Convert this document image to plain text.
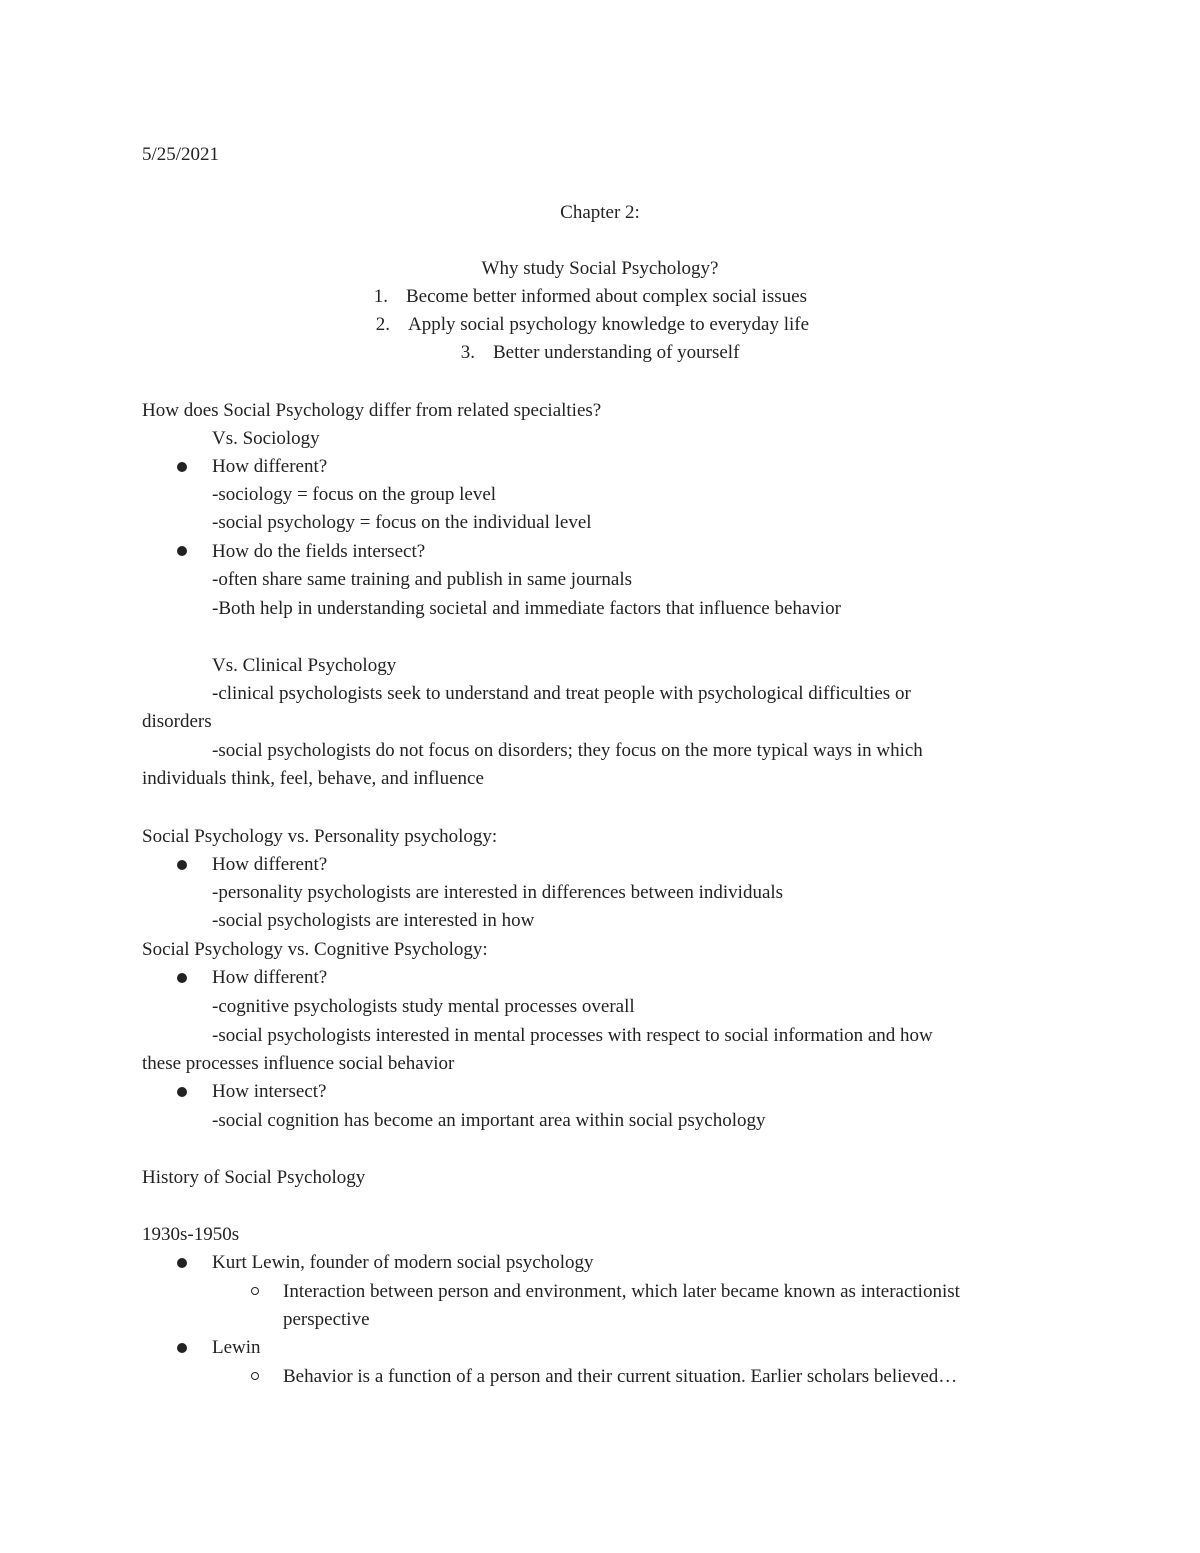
5/25/2021
Chapter 2:
Why study Social Psychology?
1. Become better informed about complex social issues
2. Apply social psychology knowledge to everyday life
3. Better understanding of yourself
How does Social Psychology differ from related specialties?
Vs. Sociology
How different?
-sociology = focus on the group level
-social psychology = focus on the individual level
How do the fields intersect?
-often share same training and publish in same journals
-Both help in understanding societal and immediate factors that influence behavior
Vs. Clinical Psychology
-clinical psychologists seek to understand and treat people with psychological difficulties or
disorders
-social psychologists do not focus on disorders; they focus on the more typical ways in which
individuals think, feel, behave, and influence
Social Psychology vs. Personality psychology:
How different?
-personality psychologists are interested in differences between individuals
-social psychologists are interested in how
Social Psychology vs. Cognitive Psychology:
How different?
-cognitive psychologists study mental processes overall
-social psychologists interested in mental processes with respect to social information and how
these processes influence social behavior
How intersect?
-social cognition has become an important area within social psychology
History of Social Psychology
1930s-1950s
Kurt Lewin, founder of modern social psychology
Interaction between person and environment, which later became known as interactionist
perspective
Lewin
Behavior is a function of a person and their current situation. Earlier scholars believed…
